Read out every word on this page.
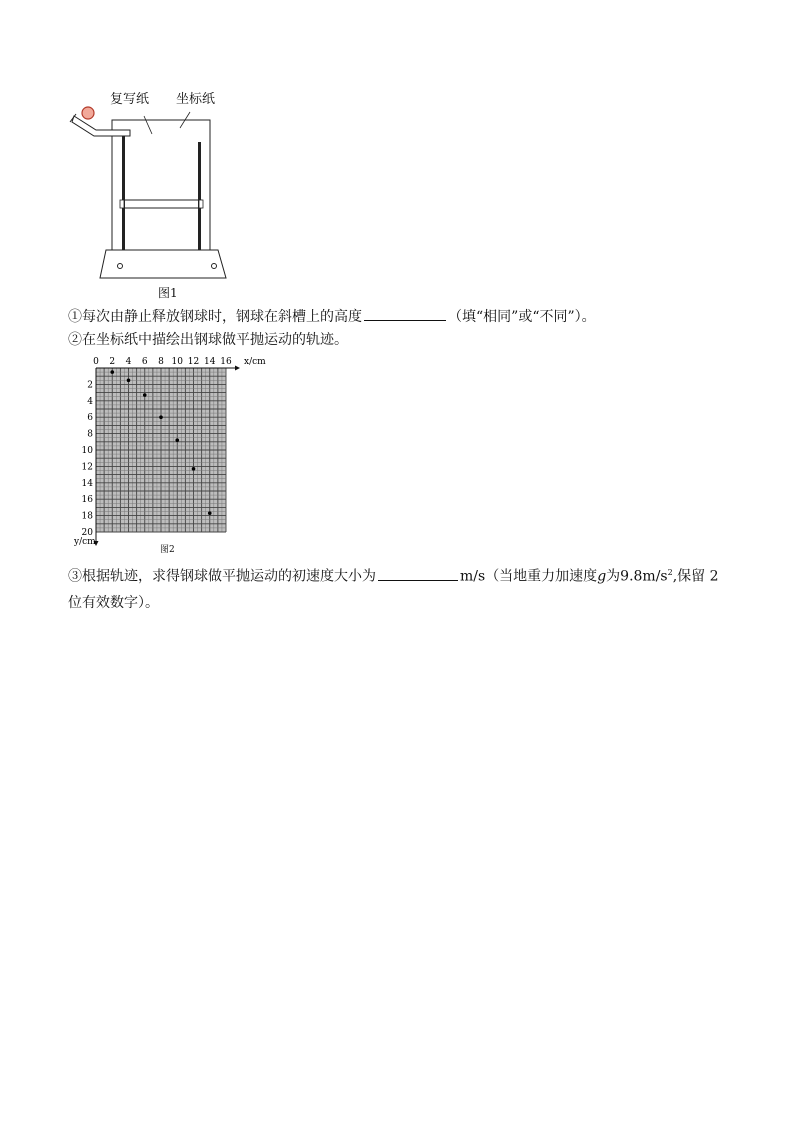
复写纸 坐标纸
图1
①每次由静止释放钢球时，钢球在斜槽上的高度	（填“相同”或“不同”）。
②在坐标纸中描绘出钢球做平抛运动的轨迹。
0 2 4 6 8 10 12 14 16 x/cm
2
4
6
8
10
12
14
16
18
20
y/cm
图2
③根据轨迹，求得钢球做平抛运动的初速度大小为	m/s（当地重力加速度g为$9.8m/s^2$,保留 2
位有效数字）。
